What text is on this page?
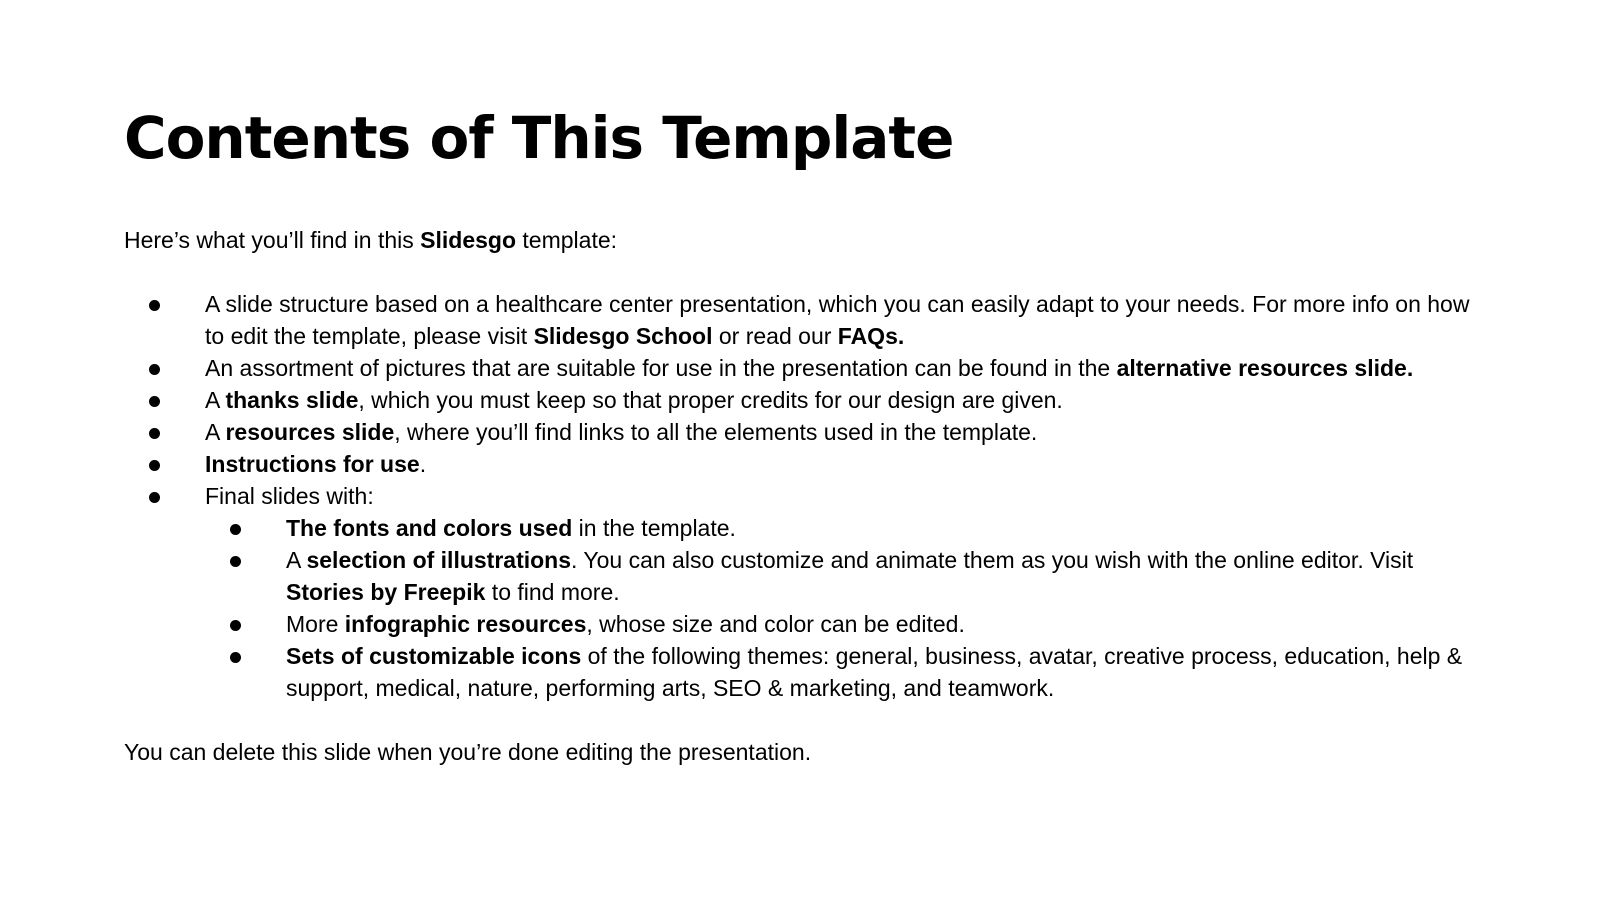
Contents of This Template

Here’s what you’ll find in this Slidesgo template:

A slide structure based on a healthcare center presentation, which you can easily adapt to your needs. For more info on how to edit the template, please visit Slidesgo School or read our FAQs.
An assortment of pictures that are suitable for use in the presentation can be found in the alternative resources slide.
A thanks slide, which you must keep so that proper credits for our design are given.
A resources slide, where you’ll find links to all the elements used in the template.
Instructions for use.
Final slides with:
The fonts and colors used in the template.
A selection of illustrations. You can also customize and animate them as you wish with the online editor. Visit Stories by Freepik to find more.
More infographic resources, whose size and color can be edited.
Sets of customizable icons of the following themes: general, business, avatar, creative process, education, help & support, medical, nature, performing arts, SEO & marketing, and teamwork.

You can delete this slide when you’re done editing the presentation.
